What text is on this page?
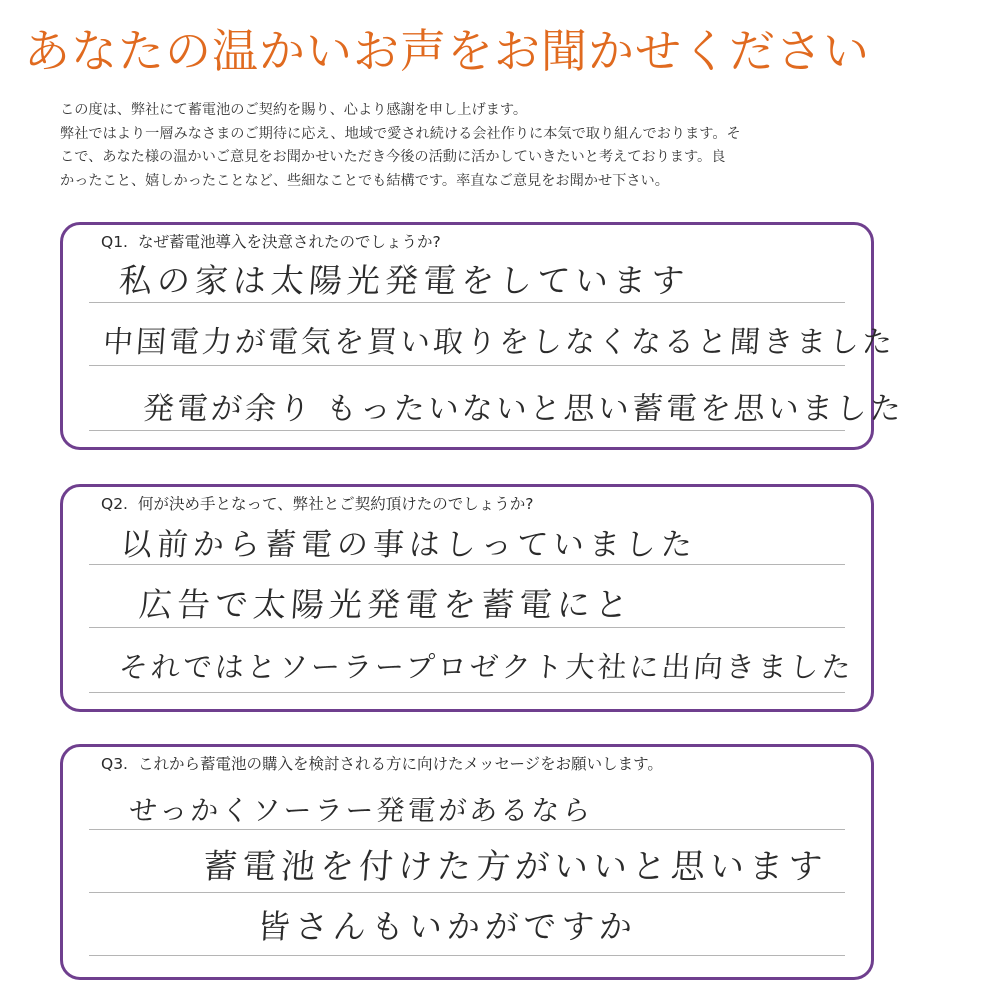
あなたの温かいお声をお聞かせください

この度は、弊社にて蓄電池のご契約を賜り、心より感謝を申し上げます。

弊社ではより一層みなさまのご期待に応え、地域で愛され続ける会社作りに本気で取り組んでおります。そ

こで、あなた様の温かいご意見をお聞かせいただき今後の活動に活かしていきたいと考えております。良

かったこと、嬉しかったことなど、些細なことでも結構です。率直なご意見をお聞かせ下さい。

Q1. なぜ蓄電池導入を決意されたのでしょうか?
私の家は太陽光発電をしています
中国電力が電気を買い取りをしなくなると聞きました
発電が余り もったいないと思い蓄電を思いました
Q2. 何が決め手となって、弊社とご契約頂けたのでしょうか?
以前から蓄電の事はしっていました
広告で太陽光発電を蓄電にと
それではとソーラープロゼクト大社に出向きました
Q3. これから蓄電池の購入を検討される方に向けたメッセージをお願いします。
せっかくソーラー発電があるなら
蓄電池を付けた方がいいと思います
皆さんもいかがですか
